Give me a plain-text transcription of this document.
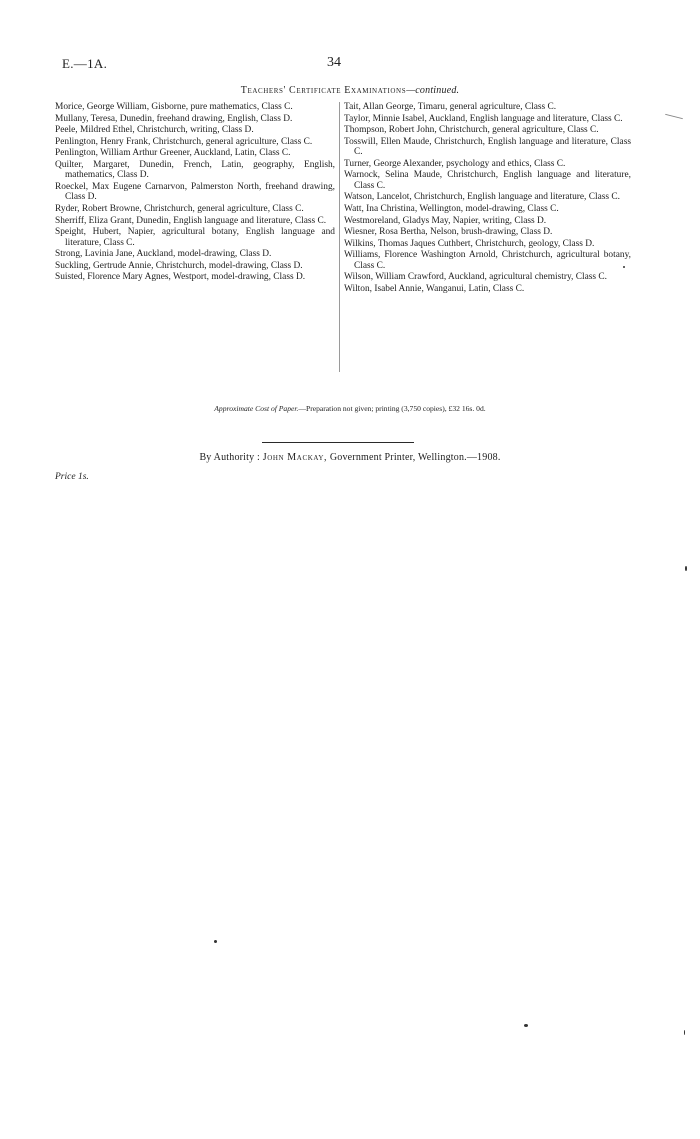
E.—1A.	34
Teachers' Certificate Examinations—continued.

Morice, George William, Gisborne, pure mathematics, Class C.

Mullany, Teresa, Dunedin, freehand drawing, English, Class D.

Peele, Mildred Ethel, Christchurch, writing, Class D.

Penlington, Henry Frank, Christchurch, general agriculture, Class C.

Penlington, William Arthur Greener, Auckland, Latin, Class C.

Quilter, Margaret, Dunedin, French, Latin, geography, English, mathematics, Class D.

Roeckel, Max Eugene Carnarvon, Palmerston North, freehand drawing, Class D.

Ryder, Robert Browne, Christchurch, general agriculture, Class C.

Sherriff, Eliza Grant, Dunedin, English language and literature, Class C.

Speight, Hubert, Napier, agricultural botany, English language and literature, Class C.

Strong, Lavinia Jane, Auckland, model-drawing, Class D.

Suckling, Gertrude Annie, Christchurch, model-drawing, Class D.

Suisted, Florence Mary Agnes, Westport, model-drawing, Class D.

Tait, Allan George, Timaru, general agriculture, Class C.

Taylor, Minnie Isabel, Auckland, English language and literature, Class C.

Thompson, Robert John, Christchurch, general agriculture, Class C.

Tosswill, Ellen Maude, Christchurch, English language and literature, Class C.

Turner, George Alexander, psychology and ethics, Class C.

Warnock, Selina Maude, Christchurch, English language and literature, Class C.

Watson, Lancelot, Christchurch, English language and literature, Class C.

Watt, Ina Christina, Wellington, model-drawing, Class C.

Westmoreland, Gladys May, Napier, writing, Class D.

Wiesner, Rosa Bertha, Nelson, brush-drawing, Class D.

Wilkins, Thomas Jaques Cuthbert, Christchurch, geology, Class D.

Williams, Florence Washington Arnold, Christchurch, agricultural botany, Class C.

Wilson, William Crawford, Auckland, agricultural chemistry, Class C.

Wilton, Isabel Annie, Wanganui, Latin, Class C.

Approximate Cost of Paper.—Preparation not given; printing (3,750 copies), £32 16s. 0d.
By Authority : John Mackay, Government Printer, Wellington.—1908.
Price 1s.
